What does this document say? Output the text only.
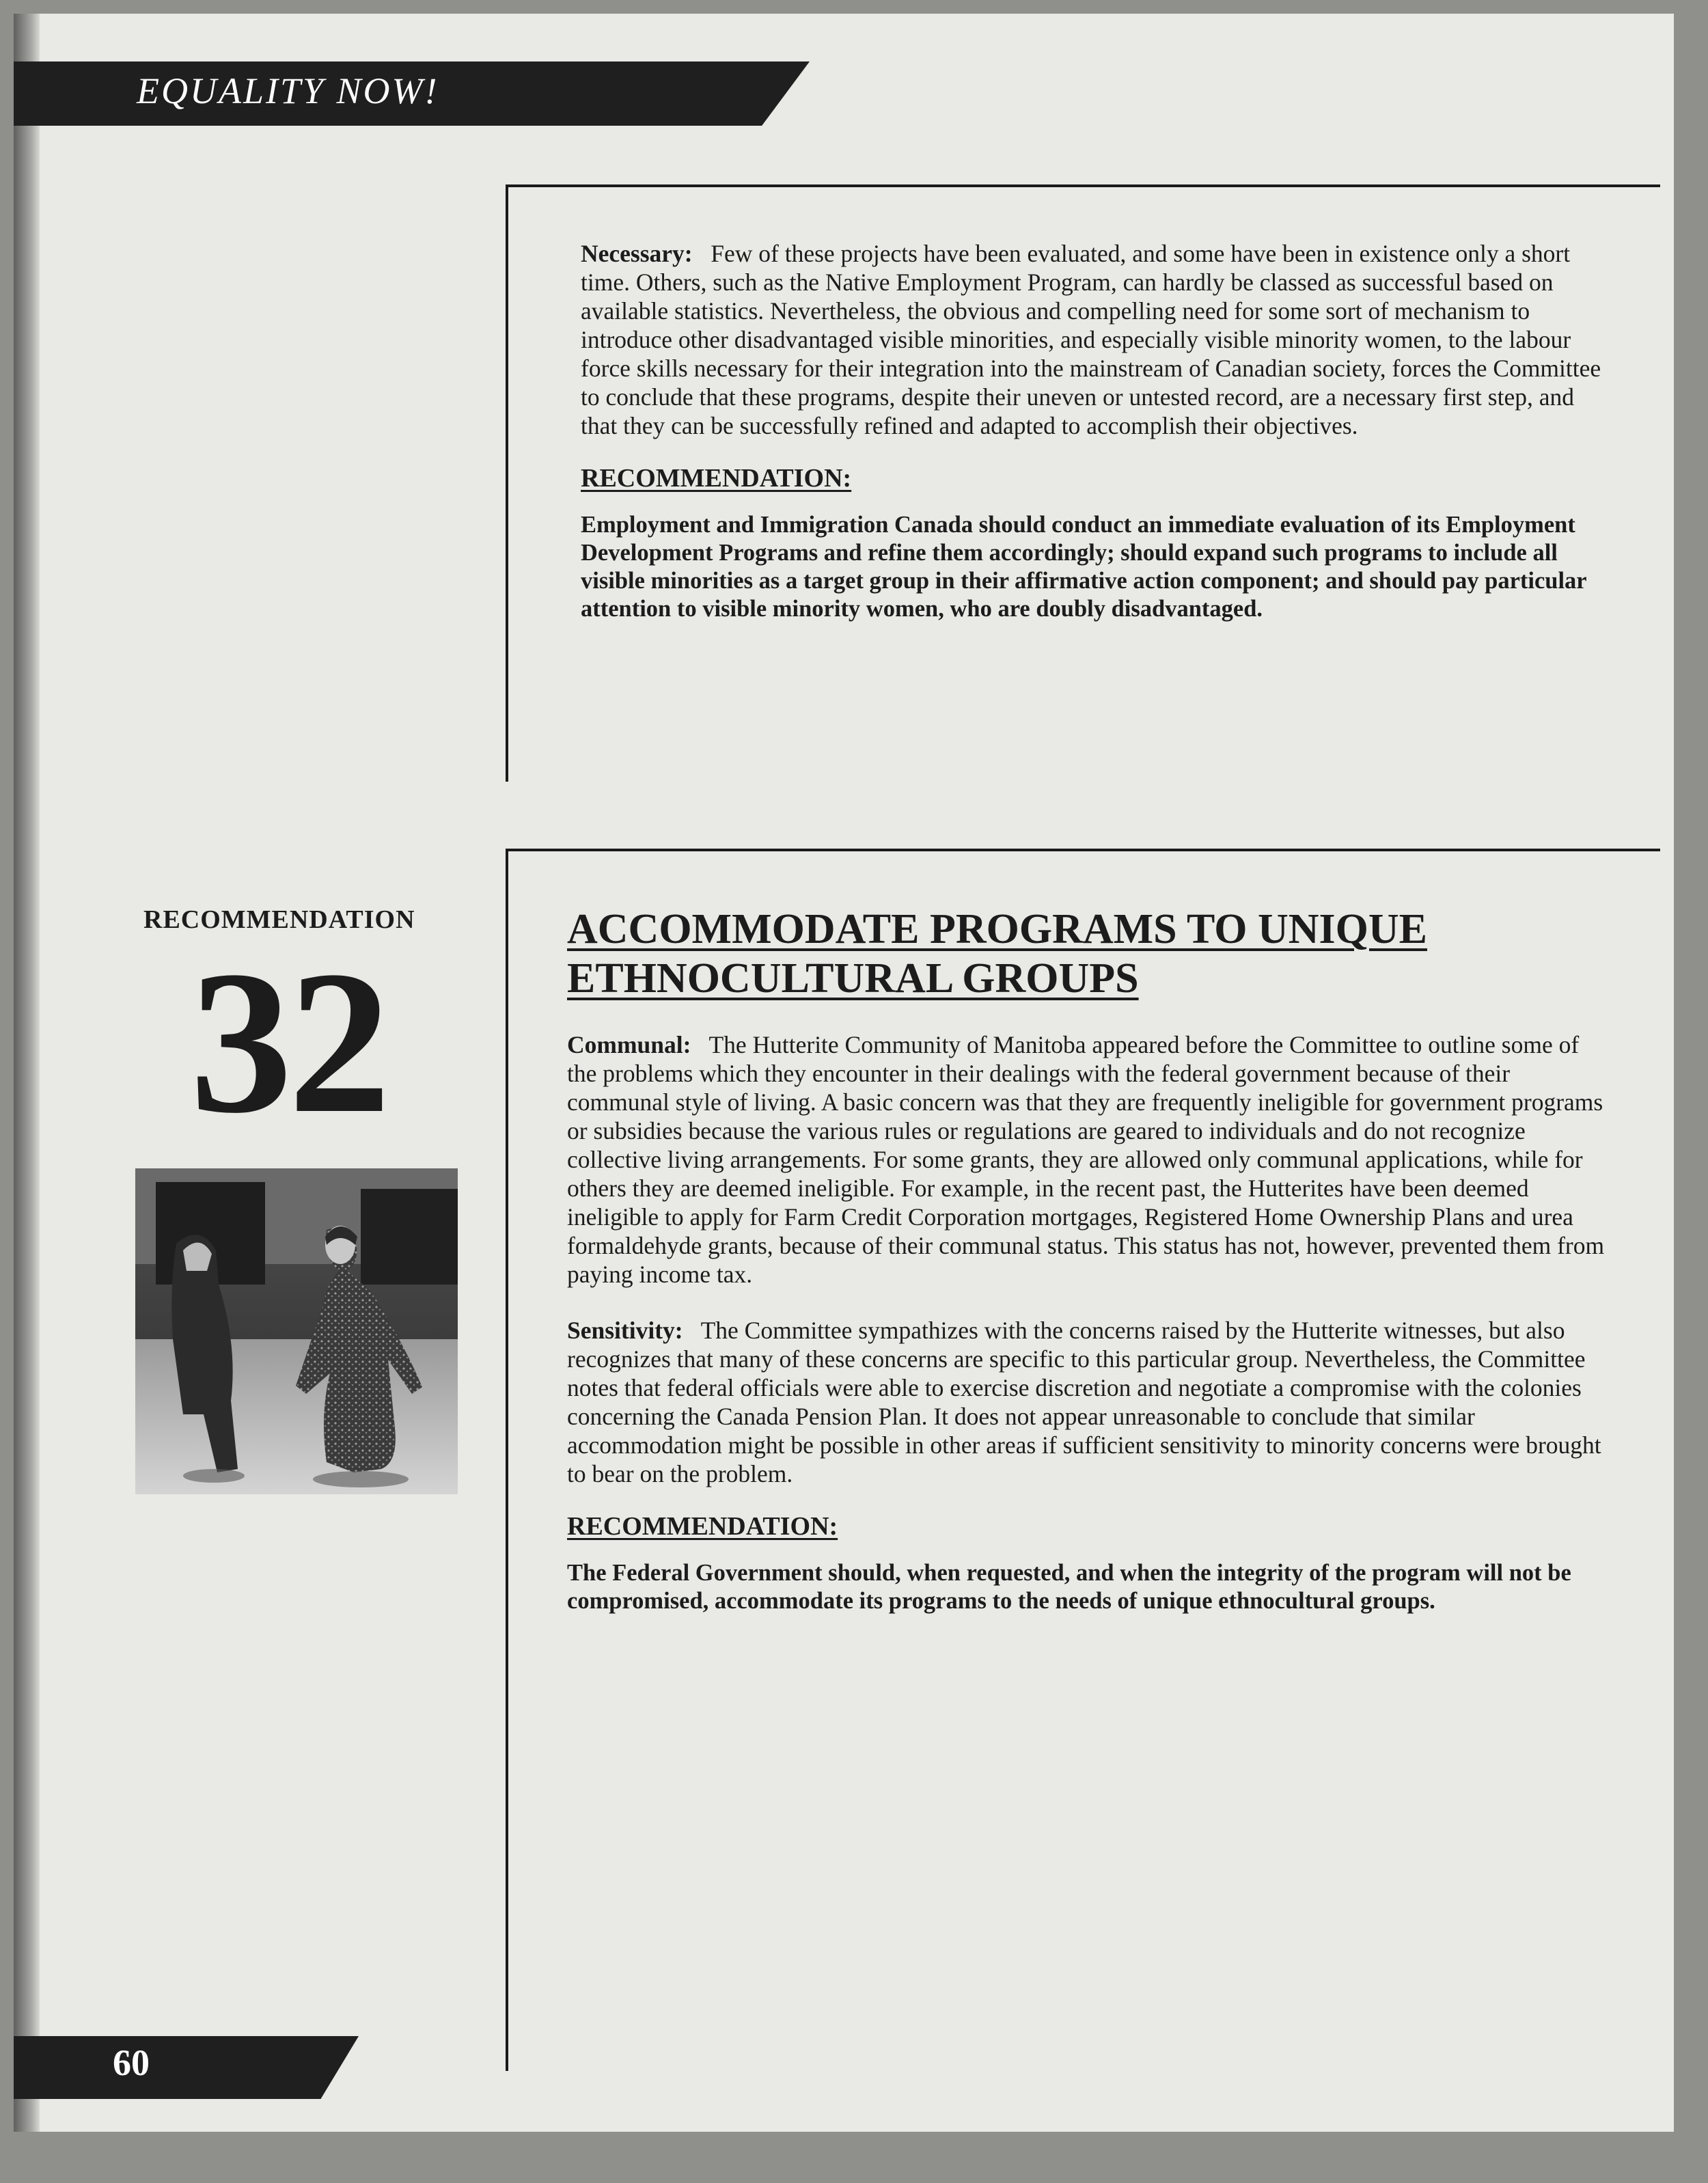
EQUALITY NOW!

Necessary: Few of these projects have been evaluated, and some have been in existence only a short time. Others, such as the Native Employment Program, can hardly be classed as successful based on available statistics. Nevertheless, the obvious and compelling need for some sort of mechanism to introduce other disadvantaged visible minorities, and especially visible minority women, to the labour force skills necessary for their integration into the mainstream of Canadian society, forces the Committee to conclude that these programs, despite their uneven or untested record, are a necessary first step, and that they can be successfully refined and adapted to accomplish their objectives.

RECOMMENDATION:

Employment and Immigration Canada should conduct an immediate evaluation of its Employment Development Programs and refine them accordingly; should expand such programs to include all visible minorities as a target group in their affirmative action component; and should pay particular attention to visible minority women, who are doubly disadvantaged.

RECOMMENDATION

32	ACCOMMODATE PROGRAMS TO UNIQUE
ETHNOCULTURAL GROUPS

Communal: The Hutterite Community of Manitoba appeared before the Committee to outline some of the problems which they encounter in their dealings with the federal government because of their communal style of living. A basic concern was that they are frequently ineligible for government programs or subsidies because the various rules or regulations are geared to individuals and do not recognize collective living arrangements. For some grants, they are allowed only communal applications, while for others they are deemed ineligible. For example, in the recent past, the Hutterites have been deemed ineligible to apply for Farm Credit Corporation mortgages, Registered Home Ownership Plans and urea formaldehyde grants, because of their communal status. This status has not, however, prevented them from paying income tax.

Sensitivity: The Committee sympathizes with the concerns raised by the Hutterite witnesses, but also recognizes that many of these concerns are specific to this particular group. Nevertheless, the Committee notes that federal officials were able to exercise discretion and negotiate a compromise with the colonies concerning the Canada Pension Plan. It does not appear unreasonable to conclude that similar accommodation might be possible in other areas if sufficient sensitivity to minority concerns were brought to bear on the problem.

RECOMMENDATION:

The Federal Government should, when requested, and when the integrity of the program will not be compromised, accommodate its programs to the needs of unique ethnocultural groups.

60
